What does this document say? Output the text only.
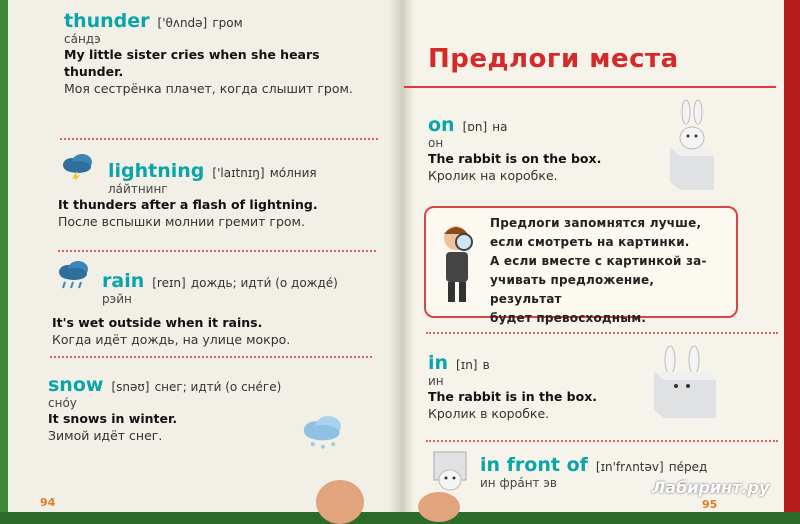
thunder ['θʌndə] гром
са́ндэ
My little sister cries when she hears thunder.
Моя сестрёнка плачет, когда слышит гром.
lightning ['laɪtnɪŋ] мо́лния
ла́йтнинг
It thunders after a flash of lightning.
После вспышки молнии гремит гром.
rain [reɪn] дождь; идти́ (о дожде́)
рэйн
It's wet outside when it rains.
Когда идёт дождь, на улице мокро.
snow [snəʊ] снег; идти́ (о сне́ге)
сно́у
It snows in winter.
Зимой идёт снег.
94
Предлоги места
on [ɒn] на
он
The rabbit is on the box.
Кролик на коробке.
Предлоги запомнятся лучше,
если смотреть на картинки.
А если вместе с картинкой за-
учивать предложение, результат
будет превосходным.
in [ɪn] в
ин
The rabbit is in the box.
Кролик в коробке.
in front of [ɪn'frʌntəv] пе́ред
ин фрáнт эв
95
Лабиринт.ру
